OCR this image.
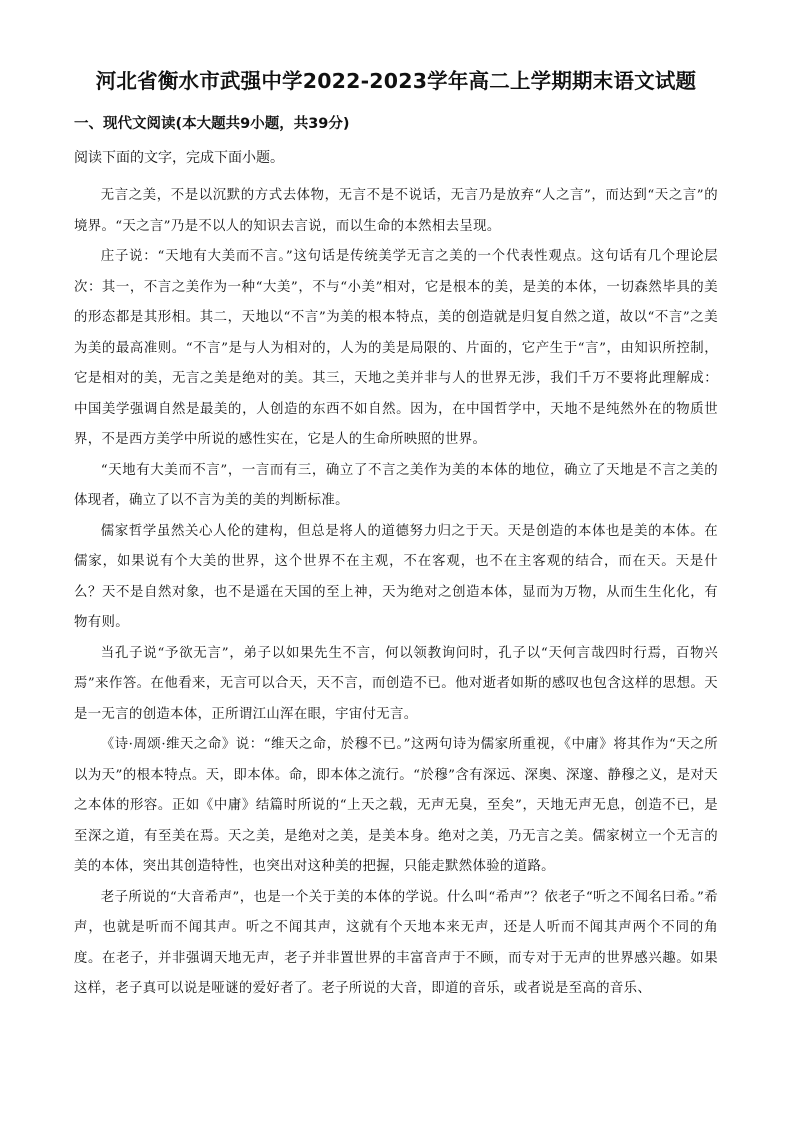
河北省衡水市武强中学2022-2023学年高二上学期期末语文试题
一、现代文阅读(本大题共9小题，共39分)
阅读下面的文字，完成下面小题。

无言之美，不是以沉默的方式去体物，无言不是不说话，无言乃是放弃“人之言”，而达到“天之言”的境界。“天之言”乃是不以人的知识去言说，而以生命的本然相去呈现。

庄子说：“天地有大美而不言。”这句话是传统美学无言之美的一个代表性观点。这句话有几个理论层次：其一，不言之美作为一种“大美”，不与“小美”相对，它是根本的美，是美的本体，一切森然毕具的美的形态都是其形相。其二，天地以“不言”为美的根本特点，美的创造就是归复自然之道，故以“不言”之美为美的最高准则。“不言”是与人为相对的，人为的美是局限的、片面的，它产生于“言”，由知识所控制，它是相对的美，无言之美是绝对的美。其三，天地之美并非与人的世界无涉，我们千万不要将此理解成：中国美学强调自然是最美的，人创造的东西不如自然。因为，在中国哲学中，天地不是纯然外在的物质世界，不是西方美学中所说的感性实在，它是人的生命所映照的世界。

“天地有大美而不言”，一言而有三，确立了不言之美作为美的本体的地位，确立了天地是不言之美的体现者，确立了以不言为美的美的判断标准。

儒家哲学虽然关心人伦的建构，但总是将人的道德努力归之于天。天是创造的本体也是美的本体。在儒家，如果说有个大美的世界，这个世界不在主观，不在客观，也不在主客观的结合，而在天。天是什么？天不是自然对象，也不是遥在天国的至上神，天为绝对之创造本体，显而为万物，从而生生化化，有物有则。

当孔子说“予欲无言”，弟子以如果先生不言，何以领教询问时，孔子以“天何言哉四时行焉，百物兴焉”来作答。在他看来，无言可以合天，天不言，而创造不已。他对逝者如斯的感叹也包含这样的思想。天是一无言的创造本体，正所谓江山浑在眼，宇宙付无言。

《诗·周颂·维天之命》说：“维天之命，於穆不已。”这两句诗为儒家所重视，《中庸》将其作为“天之所以为天”的根本特点。天，即本体。命，即本体之流行。“於穆”含有深远、深奥、深邃、静穆之义，是对天之本体的形容。正如《中庸》结篇时所说的“上天之载，无声无臭，至矣”，天地无声无息，创造不已，是至深之道，有至美在焉。天之美，是绝对之美，是美本身。绝对之美，乃无言之美。儒家树立一个无言的美的本体，突出其创造特性，也突出对这种美的把握，只能走默然体验的道路。

老子所说的“大音希声”，也是一个关于美的本体的学说。什么叫“希声”？依老子“听之不闻名曰希。”希声，也就是听而不闻其声。听之不闻其声，这就有个天地本来无声，还是人听而不闻其声两个不同的角度。在老子，并非强调天地无声，老子并非置世界的丰富音声于不顾，而专对于无声的世界感兴趣。如果这样，老子真可以说是哑谜的爱好者了。老子所说的大音，即道的音乐，或者说是至高的音乐、
